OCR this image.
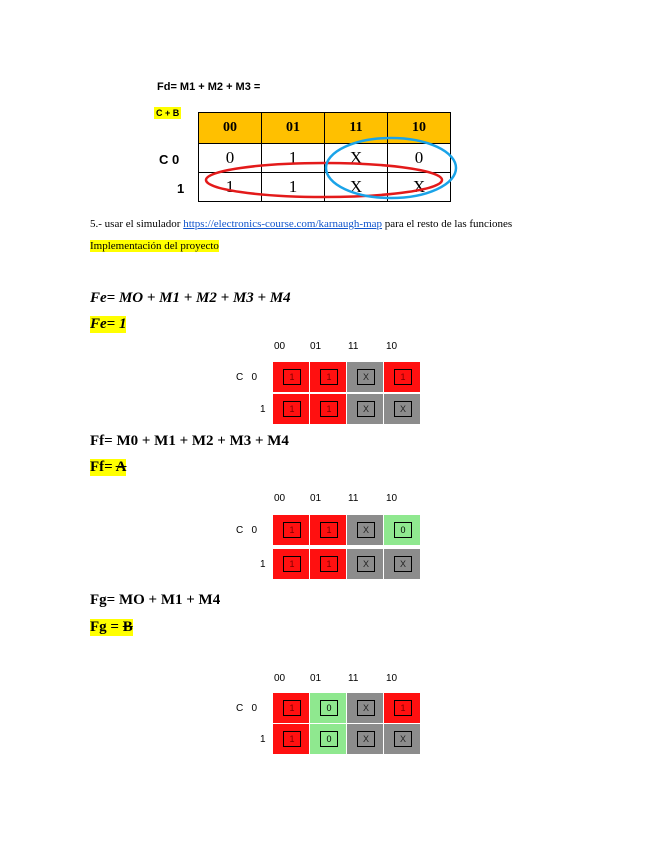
Fd= M1 + M2 + M3 =
C + B
00	01	11	10
0	1	X	0
1	1	X	X
C 0
1
5.- usar el simulador https://electronics-course.com/karnaugh-map para el resto de las funciones
Implementación del proyecto
Fe= MO + M1 + M2 + M3 + M4
Fe= 1
00 01	11	10
C   0
1
1	1	X	1
1	1	X	X
Ff= M0 + M1 + M2 + M3 + M4
Ff= A
00 01	11	10
C   0
1
1	1	X	0
1	1	X	X
Fg= MO + M1 + M4
Fg = B
00 01	11	10
C   0
1
1	0	X	1
1	0	X	X
